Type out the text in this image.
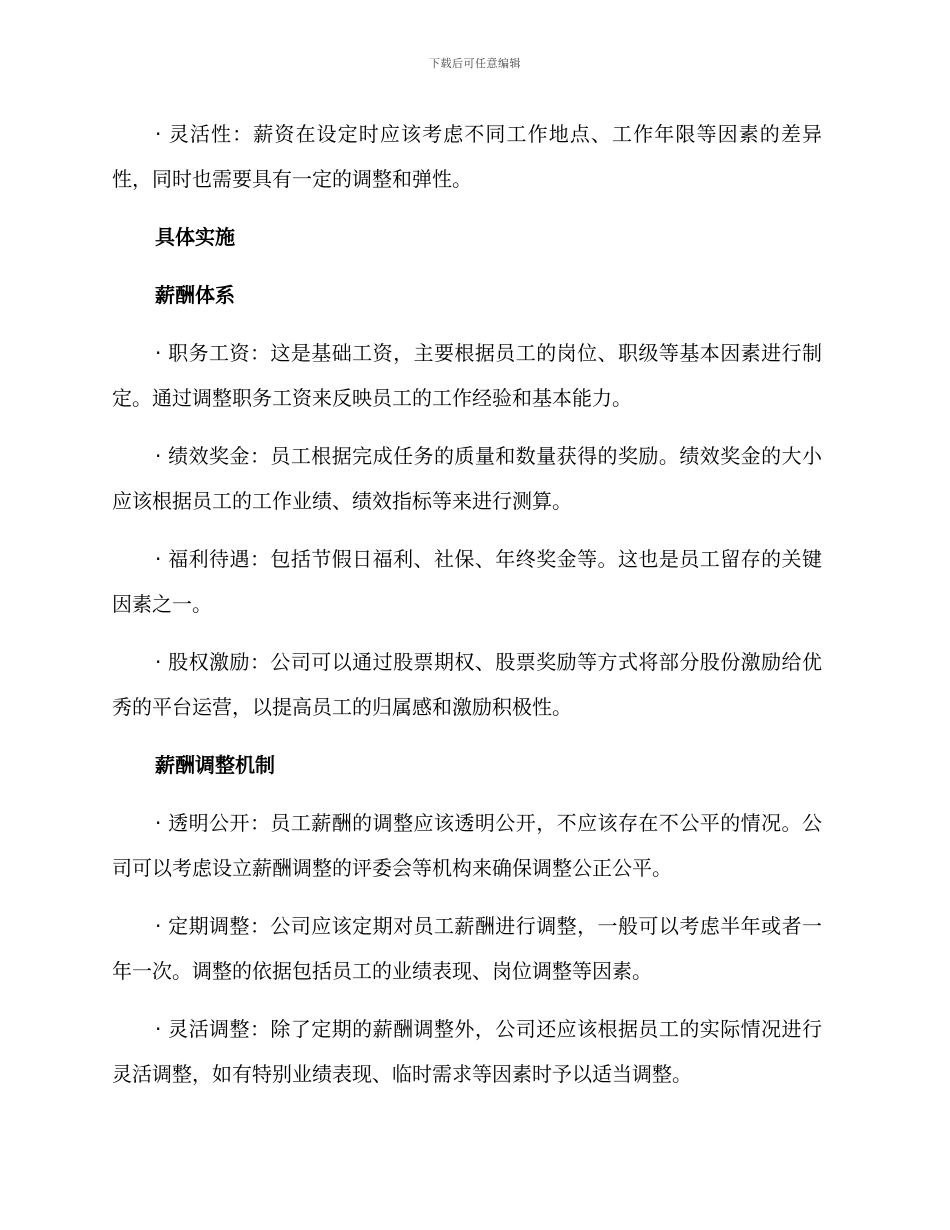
下载后可任意编辑

· 灵活性：薪资在设定时应该考虑不同工作地点、工作年限等因素的差异性，同时也需要具有一定的调整和弹性。

具体实施
薪酬体系

· 职务工资：这是基础工资，主要根据员工的岗位、职级等基本因素进行制定。通过调整职务工资来反映员工的工作经验和基本能力。

· 绩效奖金：员工根据完成任务的质量和数量获得的奖励。绩效奖金的大小应该根据员工的工作业绩、绩效指标等来进行测算。

· 福利待遇：包括节假日福利、社保、年终奖金等。这也是员工留存的关键因素之一。

· 股权激励：公司可以通过股票期权、股票奖励等方式将部分股份激励给优秀的平台运营，以提高员工的归属感和激励积极性。

薪酬调整机制

· 透明公开：员工薪酬的调整应该透明公开，不应该存在不公平的情况。公司可以考虑设立薪酬调整的评委会等机构来确保调整公正公平。

· 定期调整：公司应该定期对员工薪酬进行调整，一般可以考虑半年或者一年一次。调整的依据包括员工的业绩表现、岗位调整等因素。

· 灵活调整：除了定期的薪酬调整外，公司还应该根据员工的实际情况进行灵活调整，如有特别业绩表现、临时需求等因素时予以适当调整。
